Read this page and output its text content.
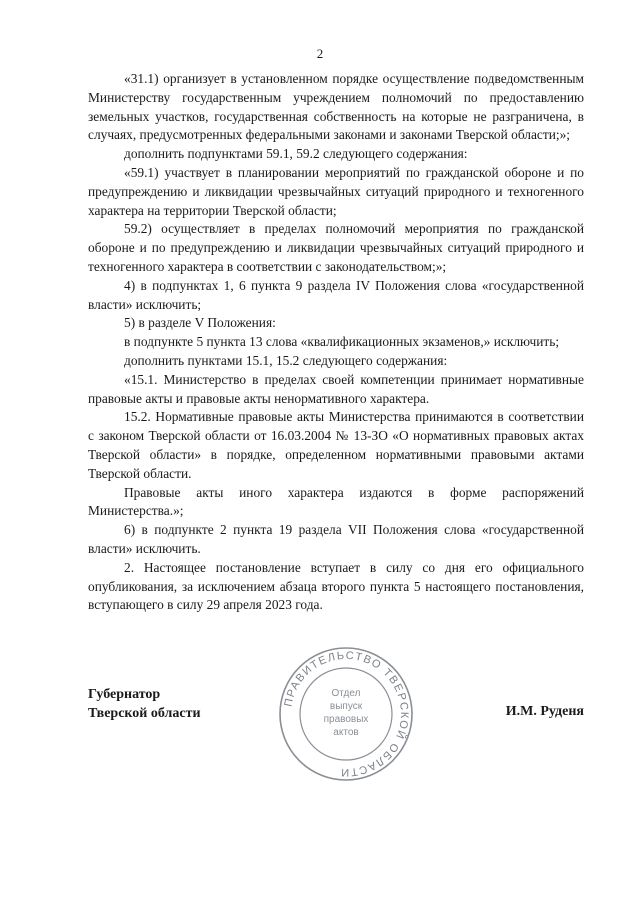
2

«31.1) организует в установленном порядке осуществление подведомственным Министерству государственным учреждением полномочий по предоставлению земельных участков, государственная собственность на которые не разграничена, в случаях, предусмотренных федеральными законами и законами Тверской области;»;

дополнить подпунктами 59.1, 59.2 следующего содержания:

«59.1) участвует в планировании мероприятий по гражданской обороне и по предупреждению и ликвидации чрезвычайных ситуаций природного и техногенного характера на территории Тверской области;

59.2) осуществляет в пределах полномочий мероприятия по гражданской обороне и по предупреждению и ликвидации чрезвычайных ситуаций природного и техногенного характера в соответствии с законодательством;»;

4) в подпунктах 1, 6 пункта 9 раздела IV Положения слова «государственной власти» исключить;

5) в разделе V Положения:

в подпункте 5 пункта 13 слова «квалификационных экзаменов,» исключить;

дополнить пунктами 15.1, 15.2 следующего содержания:

«15.1. Министерство в пределах своей компетенции принимает нормативные правовые акты и правовые акты ненормативного характера.

15.2. Нормативные правовые акты Министерства принимаются в соответствии с законом Тверской области от 16.03.2004 № 13-ЗО «О нормативных правовых актах Тверской области» в порядке, определенном нормативными правовыми актами Тверской области.

Правовые акты иного характера издаются в форме распоряжений Министерства.»;

6) в подпункте 2 пункта 19 раздела VII Положения слова «государственной власти» исключить.

2. Настоящее постановление вступает в силу со дня его официального опубликования, за исключением абзаца второго пункта 5 настоящего постановления, вступающего в силу 29 апреля 2023 года.

Губернатор
Тверской области	И.М. Руденя
ПРАВИТЕЛЬСТВО ТВЕРСКОЙ ОБЛАСТИ
Отдел
выпуск
правовых
актов
